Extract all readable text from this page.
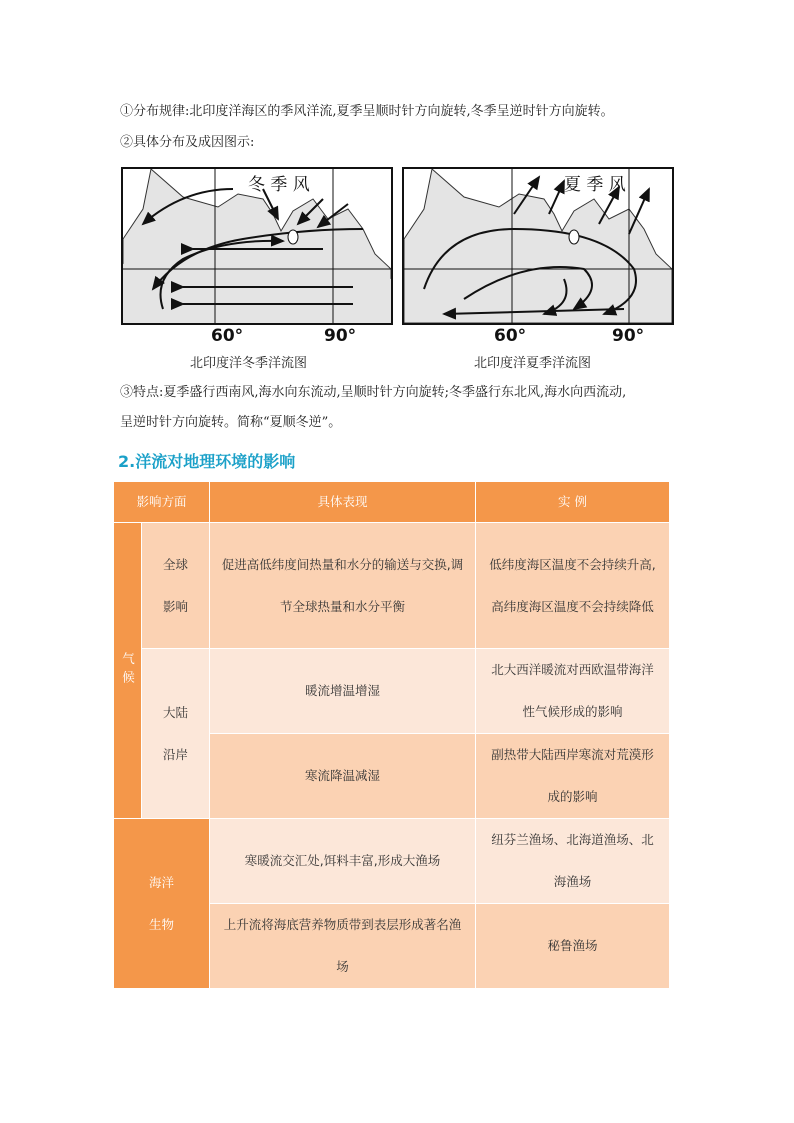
①分布规律:北印度洋海区的季风洋流,夏季呈顺时针方向旋转,冬季呈逆时针方向旋转。
②具体分布及成因图示:
冬 季 风	夏 季 风
60°	90°	60°	90°
北印度洋冬季洋流图	北印度洋夏季洋流图
③特点:夏季盛行西南风,海水向东流动,呈顺时针方向旋转;冬季盛行东北风,海水向西流动,
呈逆时针方向旋转。简称“夏顺冬逆”。
2.洋流对地理环境的影响
影响方面		具体表现	实 例
气候	全球影响	促进高低纬度间热量和水分的输送与交换,调节全球热量和水分平衡	低纬度海区温度不会持续升高,高纬度海区温度不会持续降低
	大陆沿岸	暖流增温增湿	北大西洋暖流对西欧温带海洋性气候形成的影响
		寒流降温减湿	副热带大陆西岸寒流对荒漠形成的影响
海洋生物		寒暖流交汇处,饵料丰富,形成大渔场	纽芬兰渔场、北海道渔场、北海渔场
		上升流将海底营养物质带到表层形成著名渔场	秘鲁渔场
